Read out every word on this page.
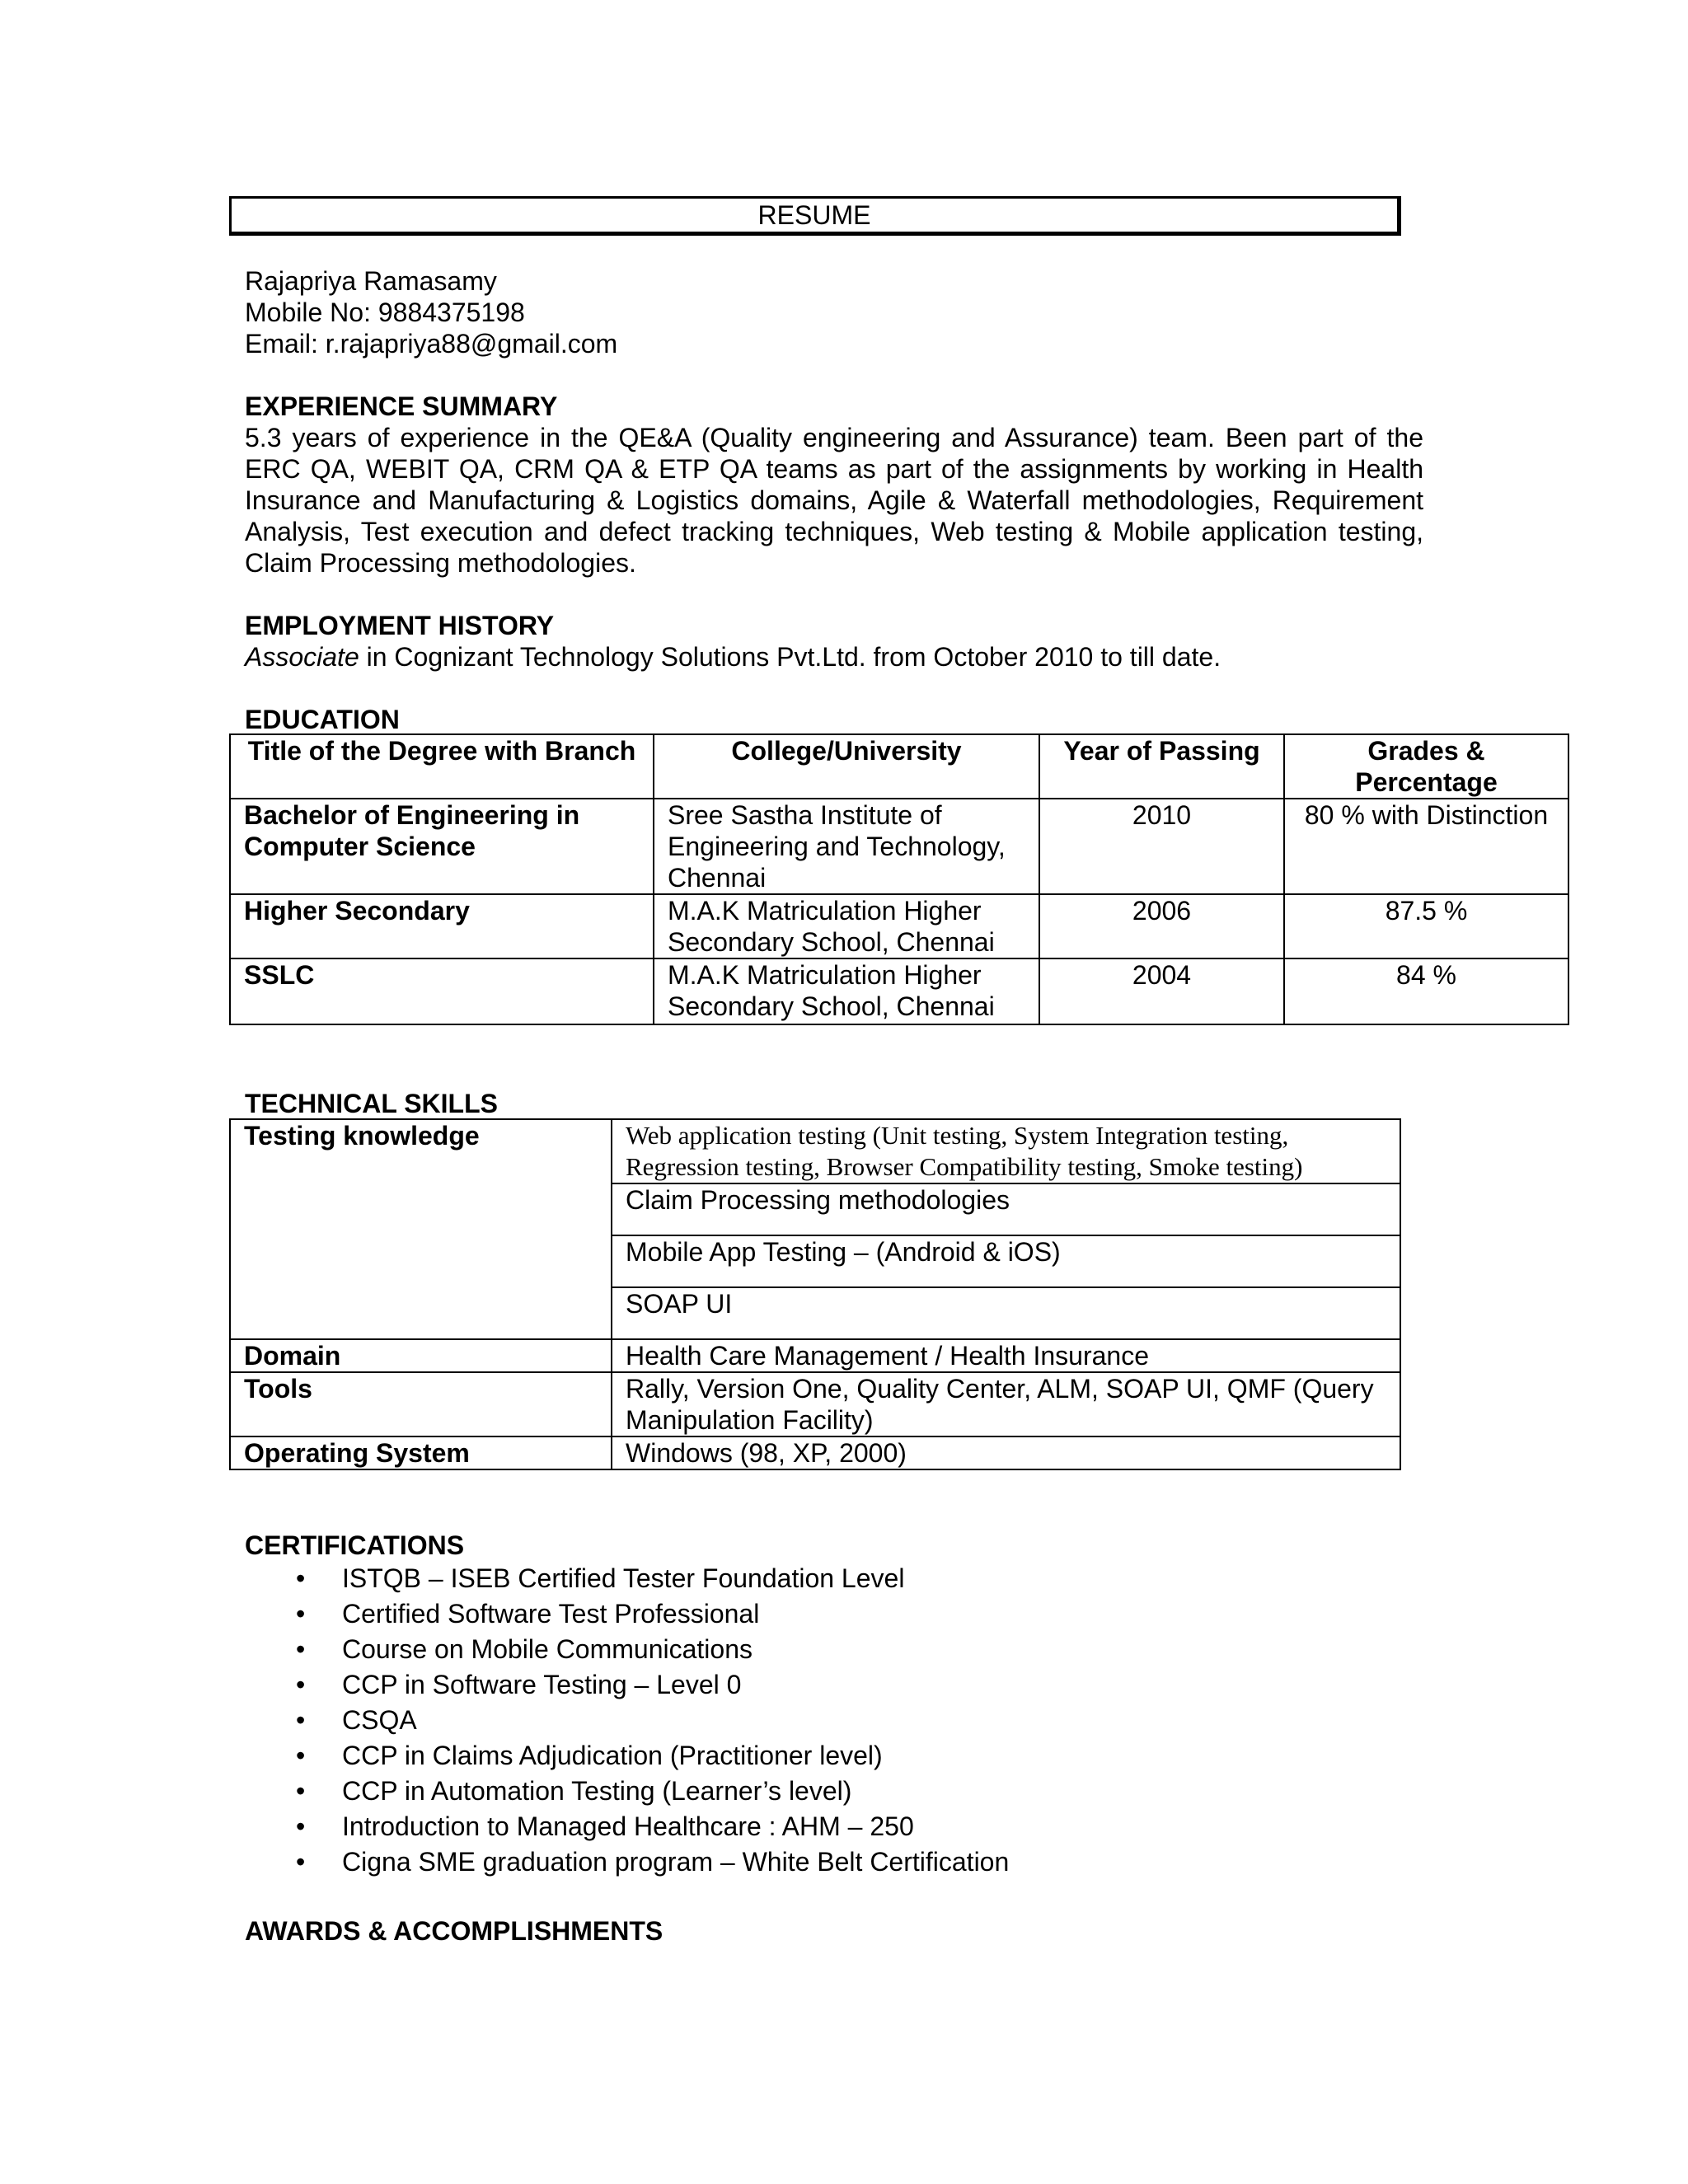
RESUME
Rajapriya Ramasamy
Mobile No: 9884375198
Email: r.rajapriya88@gmail.com
EXPERIENCE SUMMARY
5.3 years of experience in the QE&A (Quality engineering and Assurance) team. Been part of the ERC QA, WEBIT QA, CRM QA & ETP QA teams as part of the assignments by working in Health Insurance and Manufacturing & Logistics domains, Agile & Waterfall methodologies, Requirement Analysis, Test execution and defect tracking techniques, Web testing & Mobile application testing, Claim Processing methodologies.
EMPLOYMENT HISTORY
Associate in Cognizant Technology Solutions Pvt.Ltd. from October 2010 to till date.
EDUCATION
Title of the Degree with Branch	College/University	Year of Passing	Grades & Percentage
Bachelor of Engineering in Computer Science	Sree Sastha Institute of Engineering and Technology, Chennai	2010	80 % with Distinction
Higher Secondary	M.A.K Matriculation Higher Secondary School, Chennai	2006	87.5 %
SSLC	M.A.K Matriculation Higher Secondary School, Chennai	2004	84 %
TECHNICAL SKILLS
Testing knowledge	Web application testing (Unit testing, System Integration testing, Regression testing, Browser Compatibility testing, Smoke testing)
	Claim Processing methodologies
	Mobile App Testing – (Android & iOS)
	SOAP UI
Domain	Health Care Management / Health Insurance
Tools	Rally, Version One, Quality Center, ALM, SOAP UI, QMF (Query Manipulation Facility)
Operating System	Windows (98, XP, 2000)
CERTIFICATIONS
• ISTQB – ISEB Certified Tester Foundation Level
• Certified Software Test Professional
• Course on Mobile Communications
• CCP in Software Testing – Level 0
• CSQA
• CCP in Claims Adjudication (Practitioner level)
• CCP in Automation Testing (Learner’s level)
• Introduction to Managed Healthcare : AHM – 250
• Cigna SME graduation program – White Belt Certification
AWARDS & ACCOMPLISHMENTS
